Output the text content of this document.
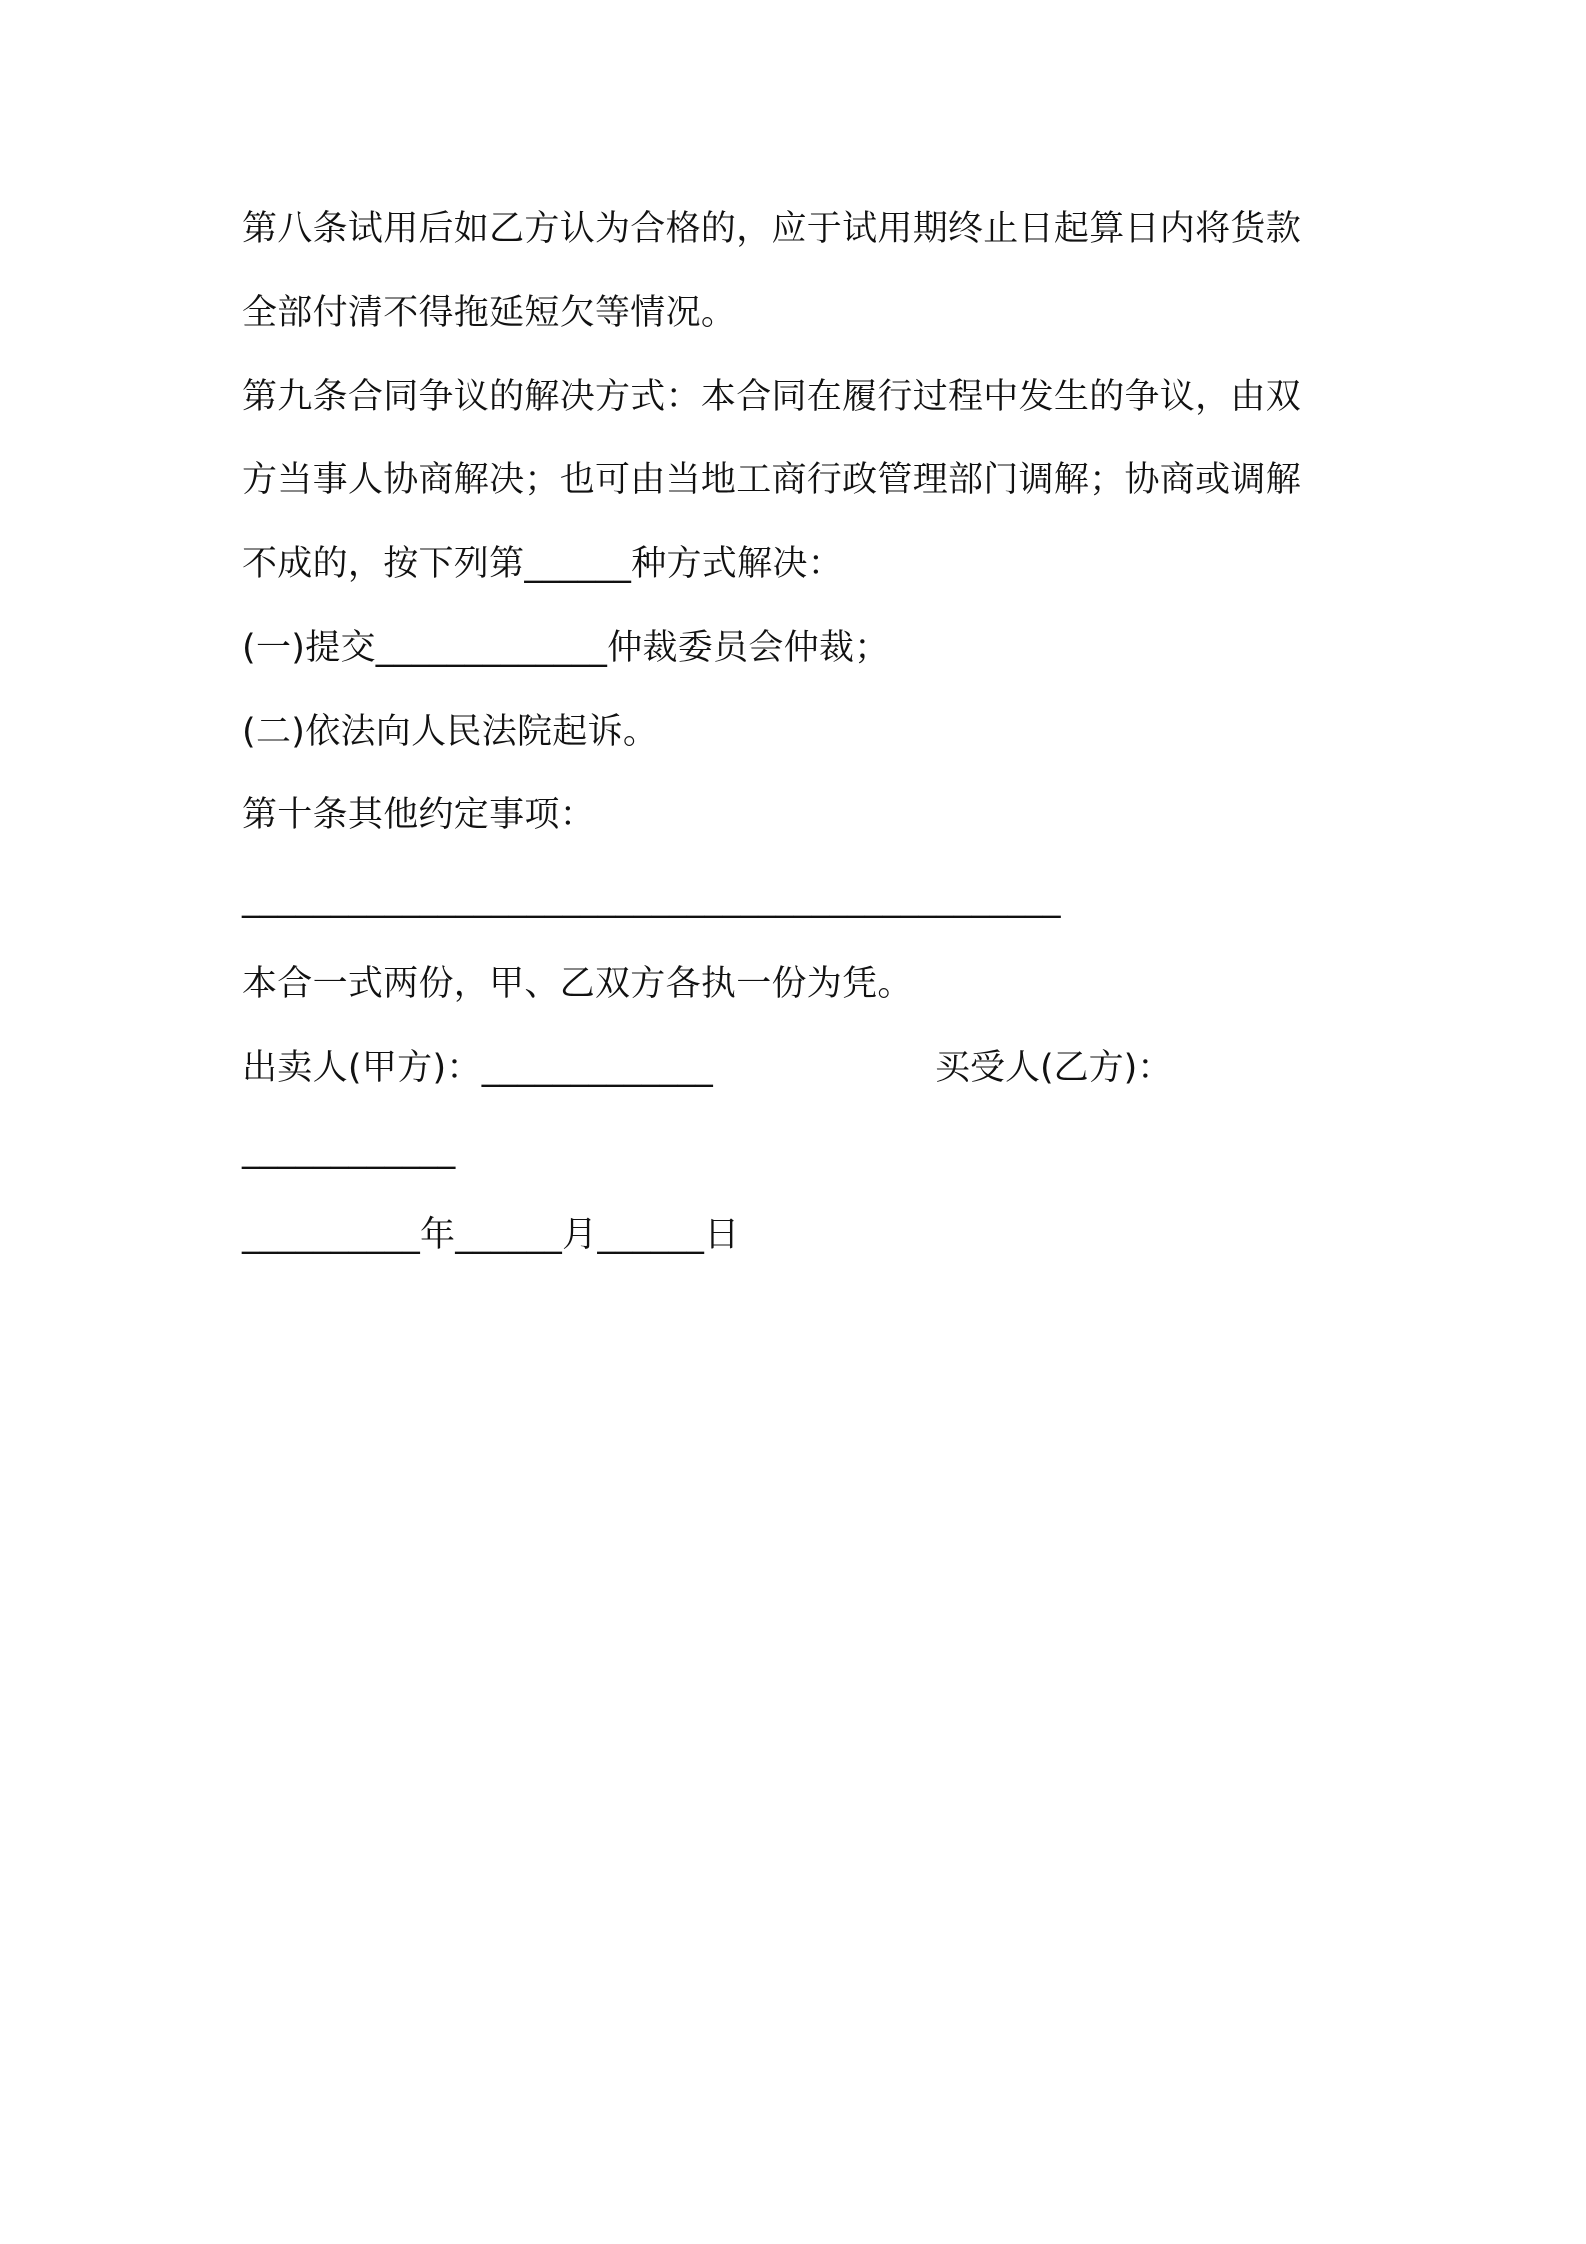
第八条试用后如乙方认为合格的，应于试用期终止日起算日内将货款
全部付清不得拖延短欠等情况。
第九条合同争议的解决方式：本合同在履行过程中发生的争议，由双
方当事人协商解决；也可由当地工商行政管理部门调解；协商或调解
不成的，按下列第______种方式解决：
(一)提交_____________仲裁委员会仲裁；
(二)依法向人民法院起诉。
第十条其他约定事项：
______________________________________________
本合一式两份，甲、乙双方各执一份为凭。
出卖人(甲方)：_____________	买受人(乙方)：
____________
__________年______月______日
